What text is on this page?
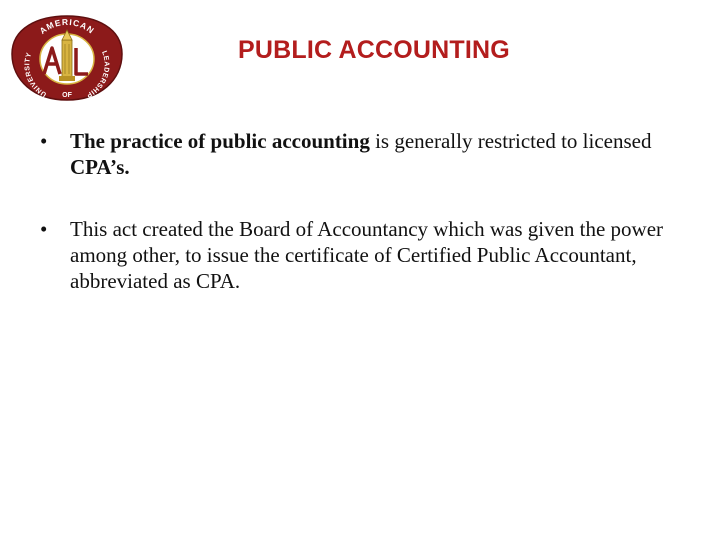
AMERICAN
UNIVERSITY	LEADERSHIP
OF
PUBLIC ACCOUNTING
•	The practice of public accounting is generally restricted to licensed CPA’s.
•	This act created the Board of Accountancy which was given the power among other, to issue the certificate of Certified Public Accountant, abbreviated as CPA.
